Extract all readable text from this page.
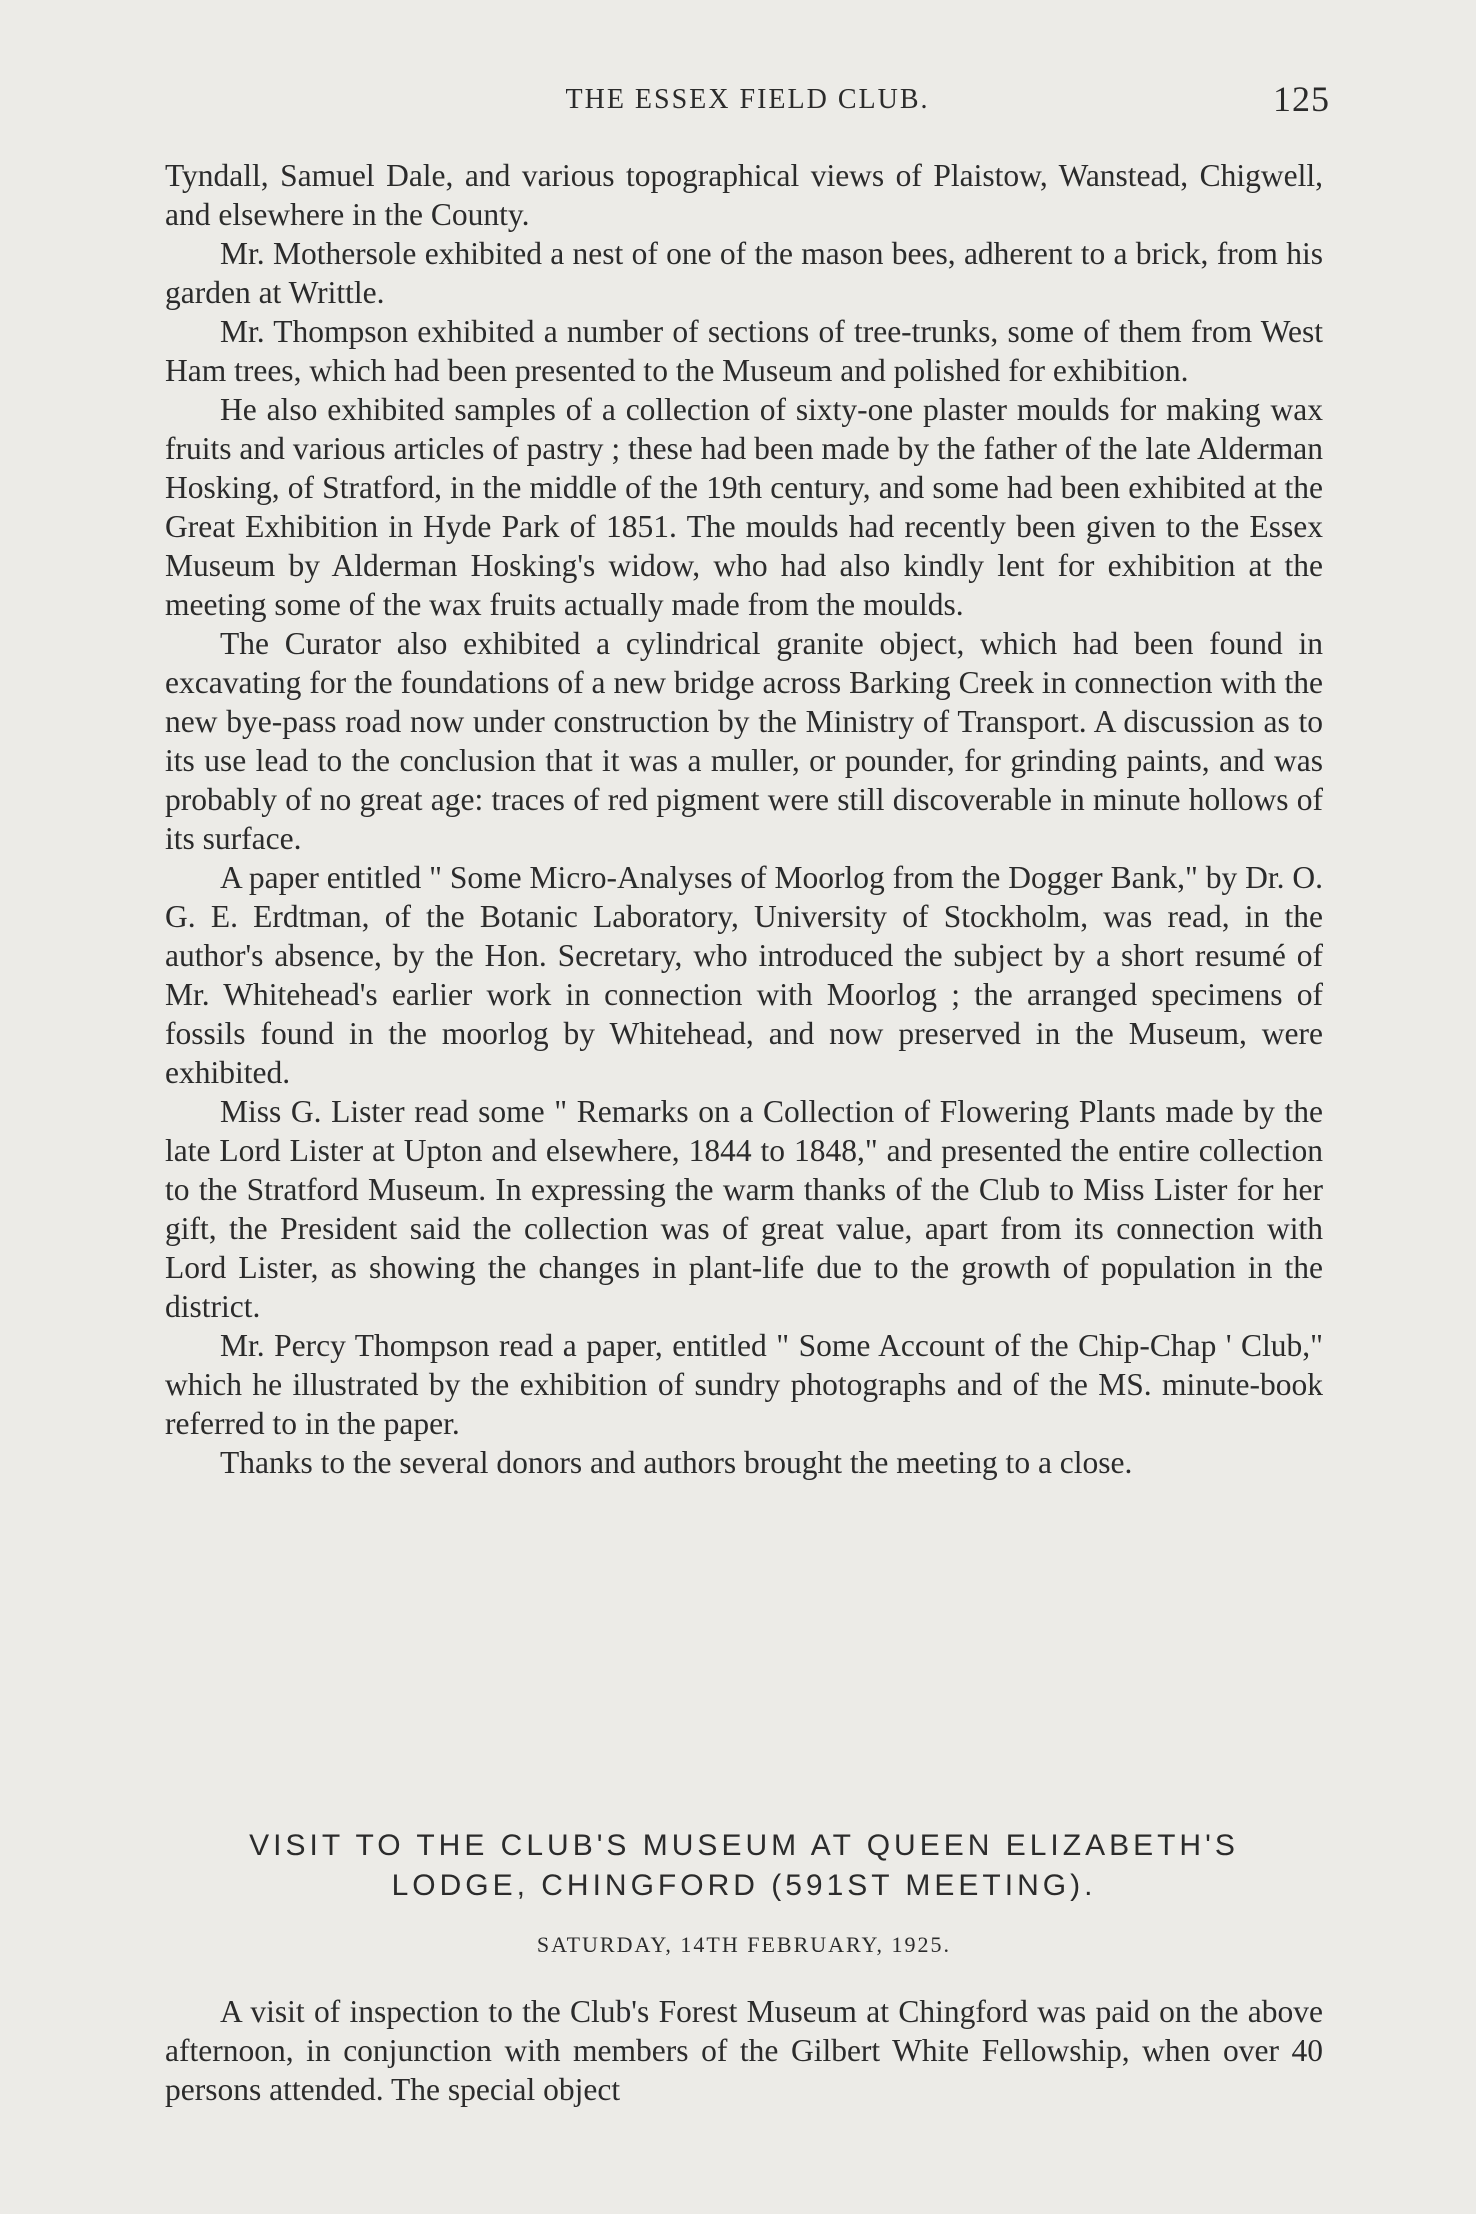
THE ESSEX FIELD CLUB.	125

Tyndall, Samuel Dale, and various topographical views of Plaistow, Wanstead, Chigwell, and elsewhere in the County.

Mr. Mothersole exhibited a nest of one of the mason bees, adherent to a brick, from his garden at Writtle.

Mr. Thompson exhibited a number of sections of tree-trunks, some of them from West Ham trees, which had been presented to the Museum and polished for exhibition.

He also exhibited samples of a collection of sixty-one plaster moulds for making wax fruits and various articles of pastry ; these had been made by the father of the late Alderman Hosking, of Stratford, in the middle of the 19th century, and some had been exhibited at the Great Exhibition in Hyde Park of 1851. The moulds had recently been given to the Essex Museum by Alderman Hosking's widow, who had also kindly lent for exhibition at the meeting some of the wax fruits actually made from the moulds.

The Curator also exhibited a cylindrical granite object, which had been found in excavating for the foundations of a new bridge across Barking Creek in connection with the new bye-pass road now under construction by the Ministry of Transport. A discussion as to its use lead to the conclusion that it was a muller, or pounder, for grinding paints, and was probably of no great age: traces of red pigment were still discoverable in minute hollows of its surface.

A paper entitled " Some Micro-Analyses of Moorlog from the Dogger Bank," by Dr. O. G. E. Erdtman, of the Botanic Laboratory, University of Stockholm, was read, in the author's absence, by the Hon. Secretary, who introduced the subject by a short resumé of Mr. Whitehead's earlier work in connection with Moorlog ; the arranged specimens of fossils found in the moorlog by Whitehead, and now preserved in the Museum, were exhibited.

Miss G. Lister read some " Remarks on a Collection of Flowering Plants made by the late Lord Lister at Upton and elsewhere, 1844 to 1848," and presented the entire collection to the Stratford Museum. In expressing the warm thanks of the Club to Miss Lister for her gift, the President said the collection was of great value, apart from its connection with Lord Lister, as showing the changes in plant-life due to the growth of population in the district.

Mr. Percy Thompson read a paper, entitled " Some Account of the Chip-Chap ' Club," which he illustrated by the exhibition of sundry photographs and of the MS. minute-book referred to in the paper.

Thanks to the several donors and authors brought the meeting to a close.

VISIT TO THE CLUB'S MUSEUM AT QUEEN ELIZABETH'S

LODGE, CHINGFORD (591ST MEETING).

SATURDAY, 14TH FEBRUARY, 1925.

A visit of inspection to the Club's Forest Museum at Chingford was paid on the above afternoon, in conjunction with members of the Gilbert White Fellowship, when over 40 persons attended. The special object
